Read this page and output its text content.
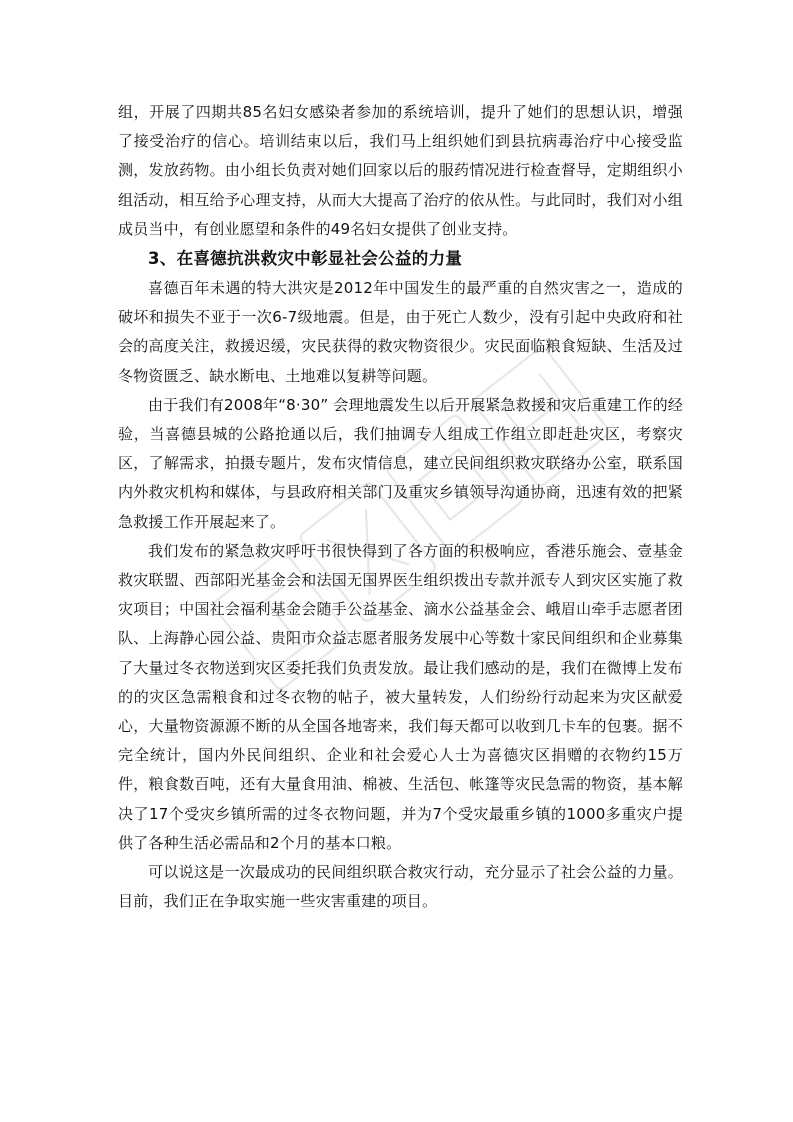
组，开展了四期共85名妇女感染者参加的系统培训，提升了她们的思想认识，增强了接受治疗的信心。培训结束以后，我们马上组织她们到县抗病毒治疗中心接受监测，发放药物。由小组长负责对她们回家以后的服药情况进行检查督导，定期组织小组活动，相互给予心理支持，从而大大提高了治疗的依从性。与此同时，我们对小组成员当中，有创业愿望和条件的49名妇女提供了创业支持。

3、在喜德抗洪救灾中彰显社会公益的力量

喜德百年未遇的特大洪灾是2012年中国发生的最严重的自然灾害之一，造成的破坏和损失不亚于一次6-7级地震。但是，由于死亡人数少，没有引起中央政府和社会的高度关注，救援迟缓，灾民获得的救灾物资很少。灾民面临粮食短缺、生活及过冬物资匮乏、缺水断电、土地难以复耕等问题。

由于我们有2008年“8·30” 会理地震发生以后开展紧急救援和灾后重建工作的经验，当喜德县城的公路抢通以后，我们抽调专人组成工作组立即赶赴灾区，考察灾区，了解需求，拍摄专题片，发布灾情信息，建立民间组织救灾联络办公室，联系国内外救灾机构和媒体，与县政府相关部门及重灾乡镇领导沟通协商，迅速有效的把紧急救援工作开展起来了。

我们发布的紧急救灾呼吁书很快得到了各方面的积极响应，香港乐施会、壹基金救灾联盟、西部阳光基金会和法国无国界医生组织拨出专款并派专人到灾区实施了救灾项目；中国社会福利基金会随手公益基金、滴水公益基金会、峨眉山牵手志愿者团队、上海静心园公益、贵阳市众益志愿者服务发展中心等数十家民间组织和企业募集了大量过冬衣物送到灾区委托我们负责发放。最让我们感动的是，我们在微博上发布的的灾区急需粮食和过冬衣物的帖子，被大量转发，人们纷纷行动起来为灾区献爱心，大量物资源源不断的从全国各地寄来，我们每天都可以收到几卡车的包裹。据不完全统计，国内外民间组织、企业和社会爱心人士为喜德灾区捐赠的衣物约15万件，粮食数百吨，还有大量食用油、棉被、生活包、帐篷等灾民急需的物资，基本解决了17个受灾乡镇所需的过冬衣物问题，并为7个受灾最重乡镇的1000多重灾户提供了各种生活必需品和2个月的基本口粮。

可以说这是一次最成功的民间组织联合救灾行动，充分显示了社会公益的力量。目前，我们正在争取实施一些灾害重建的项目。
